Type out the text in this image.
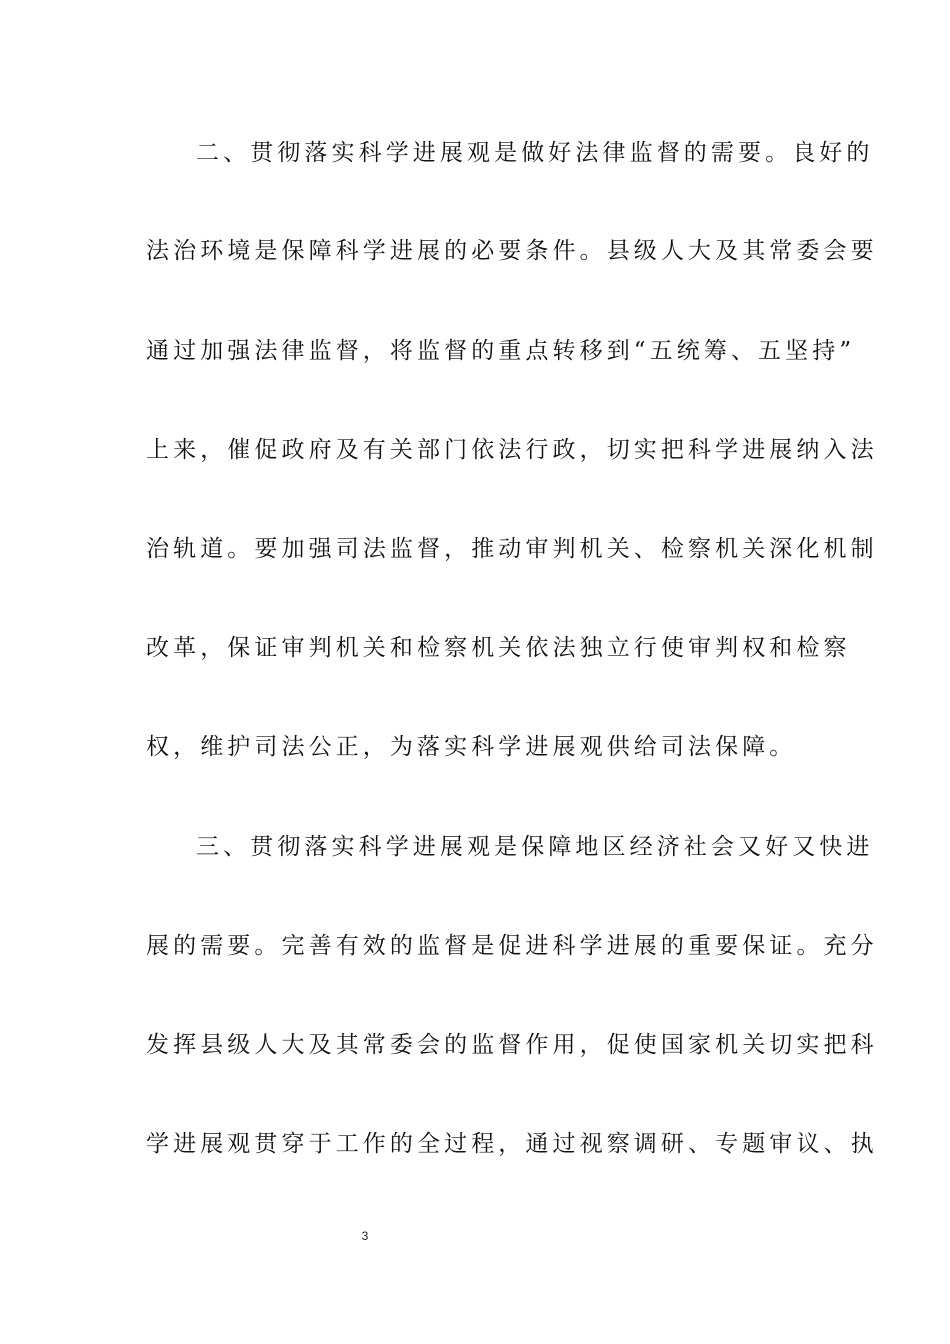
二、贯彻落实科学进展观是做好法律监督的需要。良好的
法治环境是保障科学进展的必要条件。县级人大及其常委会要
通过加强法律监督，将监督的重点转移到“五统筹、五坚持”
上来，催促政府及有关部门依法行政，切实把科学进展纳入法
治轨道。要加强司法监督，推动审判机关、检察机关深化机制
改革，保证审判机关和检察机关依法独立行使审判权和检察
权，维护司法公正，为落实科学进展观供给司法保障。
三、贯彻落实科学进展观是保障地区经济社会又好又快进
展的需要。完善有效的监督是促进科学进展的重要保证。充分
发挥县级人大及其常委会的监督作用，促使国家机关切实把科
学进展观贯穿于工作的全过程，通过视察调研、专题审议、执
3
